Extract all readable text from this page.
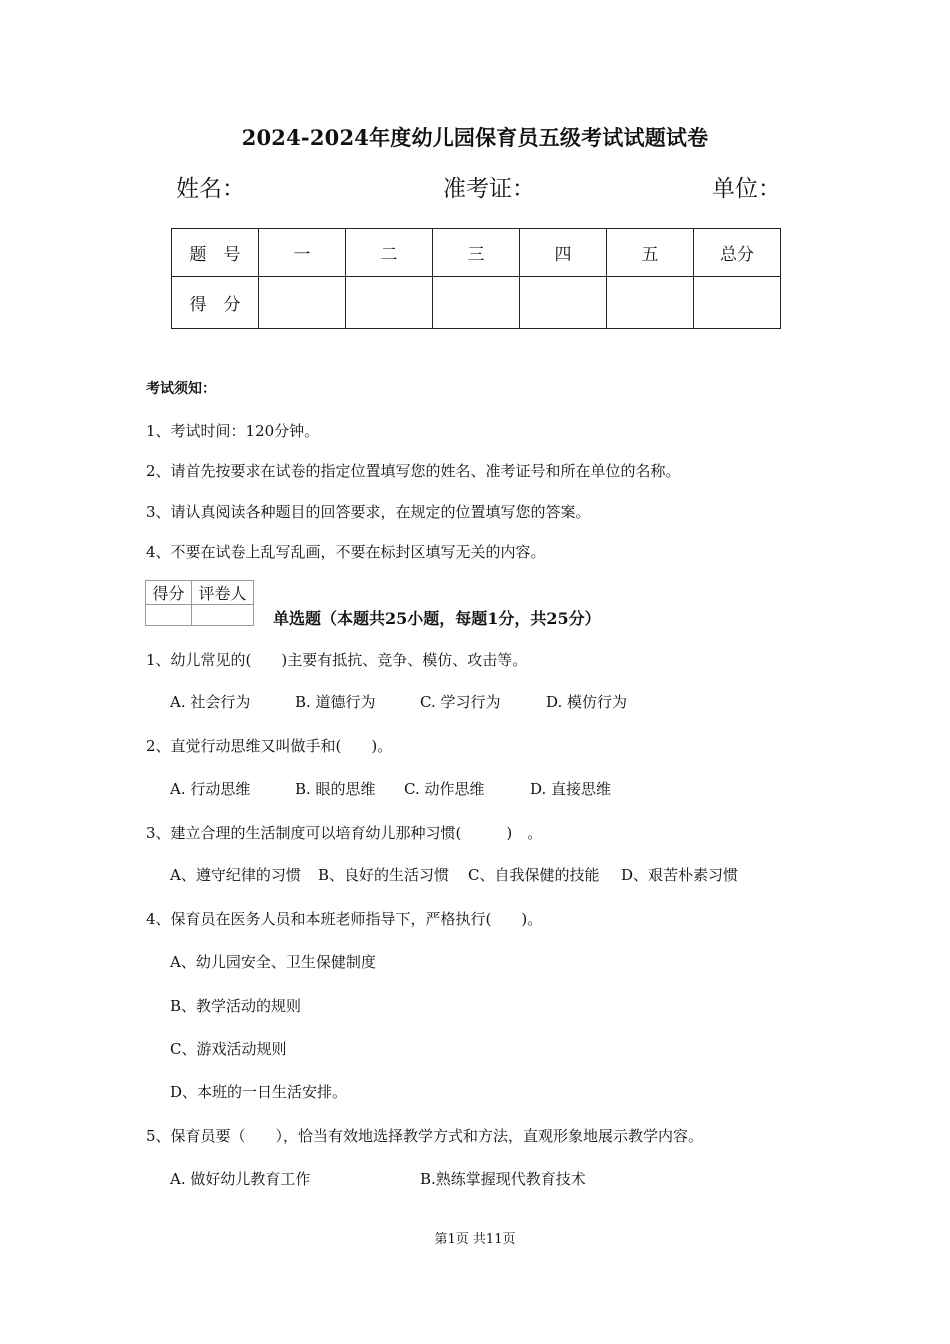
2024-2024年度幼儿园保育员五级考试试题试卷
姓名：	准考证：	单位：
题　号	一	二	三	四	五	总分
得　分						
考试须知：
1、考试时间：120分钟。
2、请首先按要求在试卷的指定位置填写您的姓名、准考证号和所在单位的名称。
3、请认真阅读各种题目的回答要求，在规定的位置填写您的答案。
4、不要在试卷上乱写乱画，不要在标封区填写无关的内容。
得分	评卷人

单选题（本题共25小题，每题1分，共25分）
1、幼儿常见的(　　)主要有抵抗、竞争、模仿、攻击等。
A. 社会行为	B. 道德行为	C. 学习行为	D. 模仿行为
2、直觉行动思维又叫做手和(　　)。
A. 行动思维	B. 眼的思维 C. 动作思维	D. 直接思维
3、建立合理的生活制度可以培育幼儿那种习惯(　　　)　。
A、遵守纪律的习惯 B、良好的生活习惯 C、自我保健的技能 D、艰苦朴素习惯
4、保育员在医务人员和本班老师指导下，严格执行(　　)。
A、幼儿园安全、卫生保健制度
B、教学活动的规则
C、游戏活动规则
D、本班的一日生活安排。
5、保育员要（　　），恰当有效地选择教学方式和方法，直观形象地展示教学内容。
A. 做好幼儿教育工作	B.熟练掌握现代教育技术
第1页 共11页
